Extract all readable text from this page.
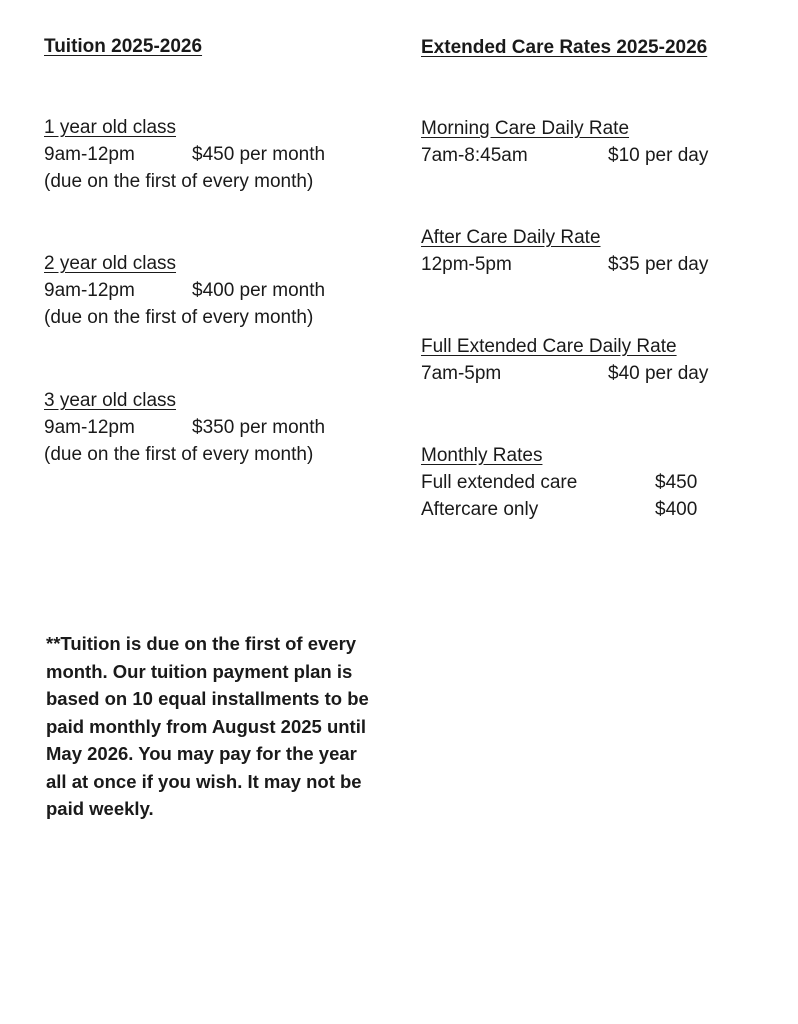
Tuition 2025-2026
1 year old class
9am-12pm	$450 per month
(due on the first of every month)
2 year old class
9am-12pm	$400 per month
(due on the first of every month)
3 year old class
9am-12pm	$350 per month
(due on the first of every month)
Extended Care Rates 2025-2026
Morning Care Daily Rate
7am-8:45am	$10 per day
After Care Daily Rate
12pm-5pm	$35 per day
Full Extended Care Daily Rate
7am-5pm	$40 per day
Monthly Rates
Full extended care	$450
Aftercare only	$400
**Tuition is due on the first of every month. Our tuition payment plan is based on 10 equal installments to be paid monthly from August 2025 until May 2026. You may pay for the year all at once if you wish. It may not be paid weekly.
